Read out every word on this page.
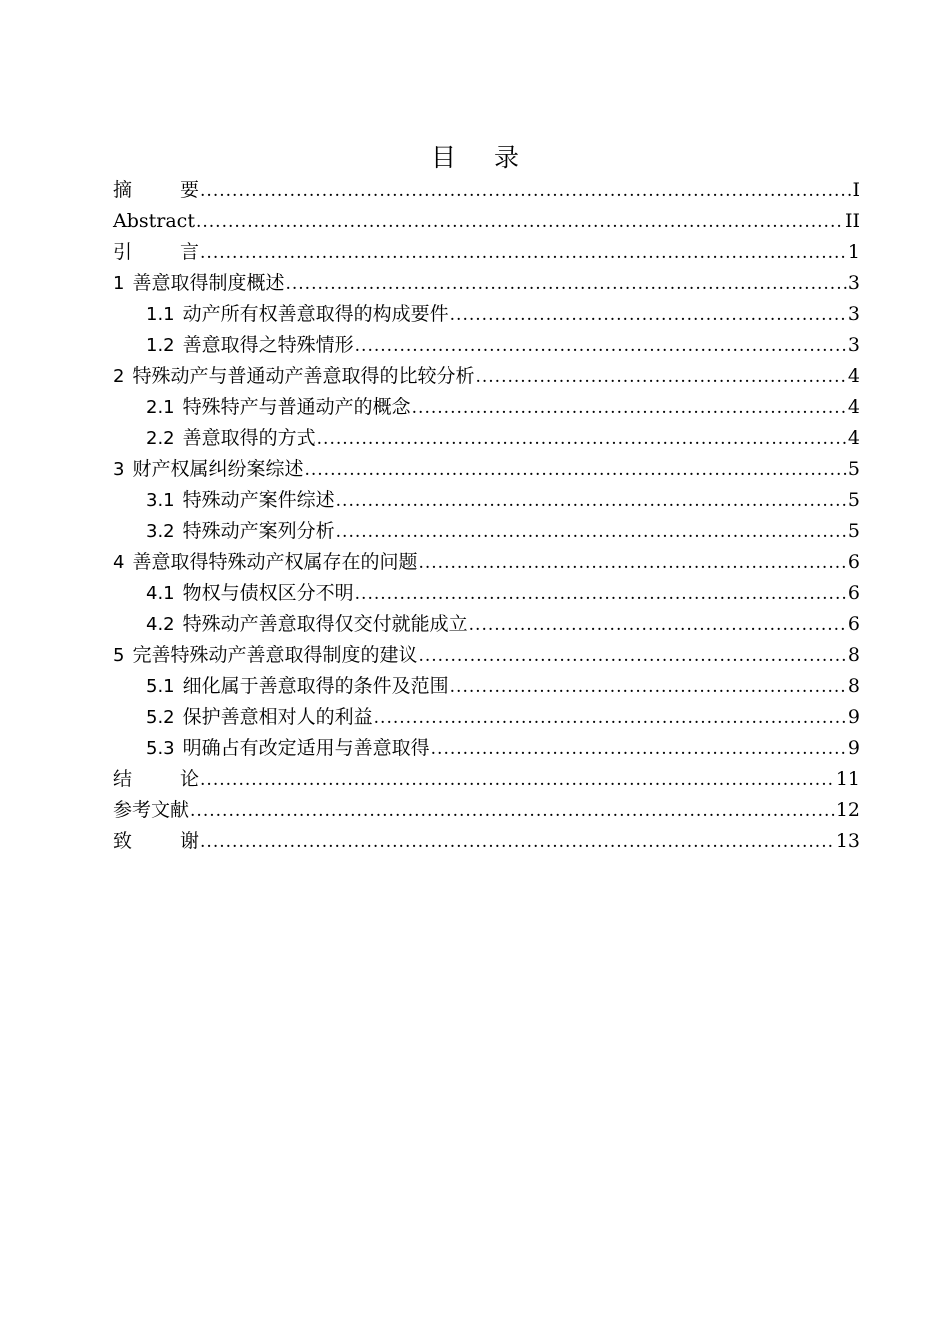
目 录
摘要 .....	I
Abstract .....	II
引言 .....	1
1 善意取得制度概述 .....	3
1.1 动产所有权善意取得的构成要件 .....	3
1.2 善意取得之特殊情形 .....	3
2 特殊动产与普通动产善意取得的比较分析 .....	4
2.1 特殊特产与普通动产的概念 .....	4
2.2 善意取得的方式 .....	4
3 财产权属纠纷案综述 .....	5
3.1 特殊动产案件综述 .....	5
3.2 特殊动产案列分析 .....	5
4 善意取得特殊动产权属存在的问题 .....	6
4.1 物权与债权区分不明 .....	6
4.2 特殊动产善意取得仅交付就能成立 .....	6
5 完善特殊动产善意取得制度的建议 .....	8
5.1 细化属于善意取得的条件及范围 .....	8
5.2 保护善意相对人的利益 .....	9
5.3 明确占有改定适用与善意取得 .....	9
结论 .....	11
参考文献 .....	12
致谢 .....	13
